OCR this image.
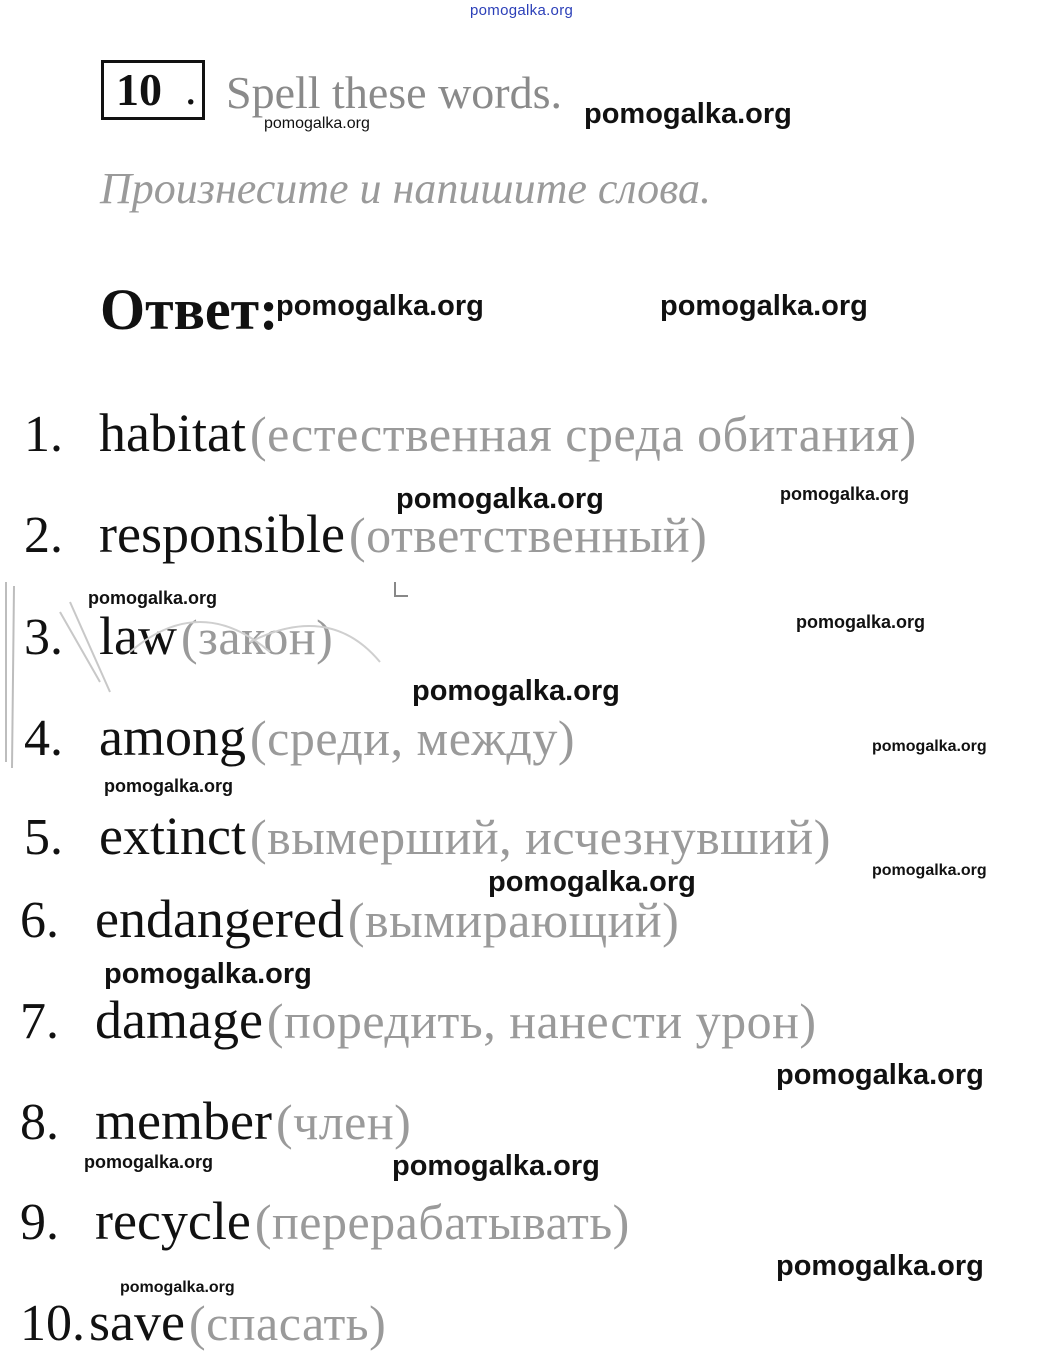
pomogalka.org
10 . Spell these words.
Произнесите и напишите слова.
Ответ:
1. habitat (естественная среда обитания)
2. responsible (ответственный)
3. law (закон)
4. among (среди, между)
5. extinct (вымерший, исчезнувший)
6. endangered (вымирающий)
7. damage (поредить, нанести урон)
8. member (член)
9. recycle (перерабатывать)
10. save (спасать)
pomogalka.org
pomogalka.org
pomogalka.org	pomogalka.org
pomogalka.org	pomogalka.org
pomogalka.org
pomogalka.org
pomogalka.org
pomogalka.org
pomogalka.org
pomogalka.org
pomogalka.org
pomogalka.org
pomogalka.org
pomogalka.org	pomogalka.org
pomogalka.org
pomogalka.org
